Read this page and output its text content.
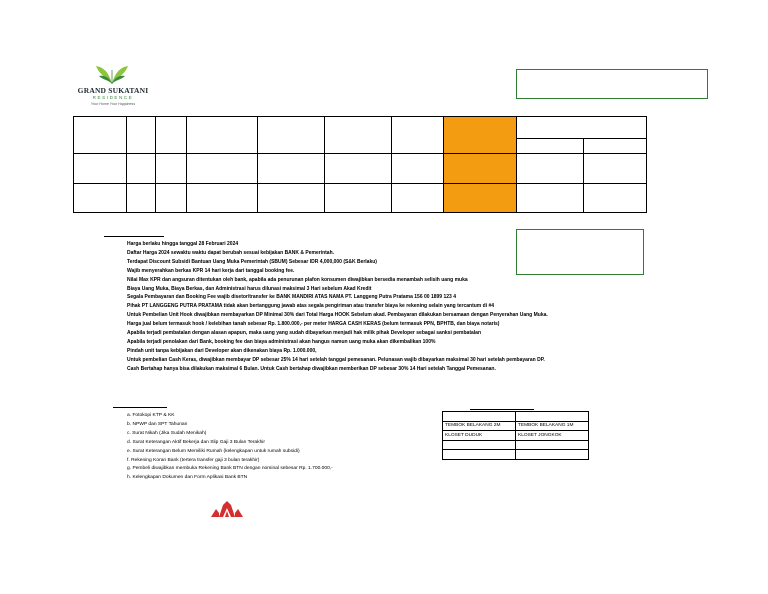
GRAND SUKATANI
RESIDENCE
Your Home Your Happiness

Harga berlaku hingga tanggal 28 Februari 2024

Daftar Harga 2024 sewaktu waktu dapat berubah sesuai kebijakan BANK & Pemerintah.

Terdapat Discount Subsidi Bantuan Uang Muka Pemerintah (SBUM) Sebesar IDR 4,000,000 (S&K Berlaku)

Wajib menyerahkan berkas KPR 14 hari kerja dari tanggal booking fee.

Nilai Max KPR dan angsuran ditentukan oleh bank, apabila ada penurunan plafon konsumen diwajibkan bersedia menambah selisih uang muka

Biaya Uang Muka, Biaya Berkas, dan Administrasi harus dilunasi maksimal 3 Hari sebelum Akad Kredit

Segala Pembayaran dan Booking Fee wajib disetor/transfer ke BANK MANDIRI ATAS NAMA PT. Langgeng Putra Pratama 156 00 1899 123 4

Pihak PT LANGGENG PUTRA PRATAMA tidak akan bertanggung jawab atas segala pengiriman atau transfer biaya ke rekening selain yang tercantum di #4

Untuk Pembelian Unit Hook diwajibkan membayarkan DP Minimal 30% dari Total Harga HOOK Sebelum akad. Pembayaran dilakukan bersamaan dengan Penyerahan Uang Muka.

Harga jual belum termasuk hook / kelebihan tanah sebesar Rp. 1.800.000,- per meter HARGA CASH KERAS (belum termasuk PPN, BPHTB, dan biaya notaris)

Apabila terjadi pembatalan dengan alasan apapun, maka uang yang sudah dibayarkan menjadi hak milik pihak Developer sebagai sanksi pembatalan

Apabila terjadi penolakan dari Bank, booking fee dan biaya administrasi akan hangus namun uang muka akan dikembalikan 100%

Pindah unit tanpa kebijakan dari Developer akan dikenakan biaya Rp. 1.000.000,

Untuk pembelian Cash Keras, diwajibkan membayar DP sebesar 25% 14 hari setelah tanggal pemesanan. Pelunasan wajib dibayarkan maksimal 30 hari setelah pembayaran DP.

Cash Bertahap hanya bisa dilakukan maksimal 6 Bulan. Untuk Cash bertahap diwajibkan memberikan DP sebesar 30% 14 Hari setelah Tanggal Pemesanan.

a. Fotokopi KTP & KK

b. NPWP dan SPT Tahunan

c. Surat Nikah (Jika Sudah Menikah)

d. Surat Keterangan Aktif Bekerja dan Slip Gaji 3 Bulan Terakhir

e. Surat Keterangan Belum Memiliki Rumah (kelengkapan untuk rumah subsidi)

f. Rekening Koran Bank (tertera transfer gaji 3 bulan terakhir)

g. Pembeli diwajibkan membuka Rekening Bank BTN dengan nominal sebesar Rp. 1.700.000,-

h. Kelengkapan Dokumen dan Form Aplikasi Bank BTN

TEMBOK BELAKANG 2M	TEMBOK BELAKANG 1M
KLOSET DUDUK	KLOSET JONGKOK
